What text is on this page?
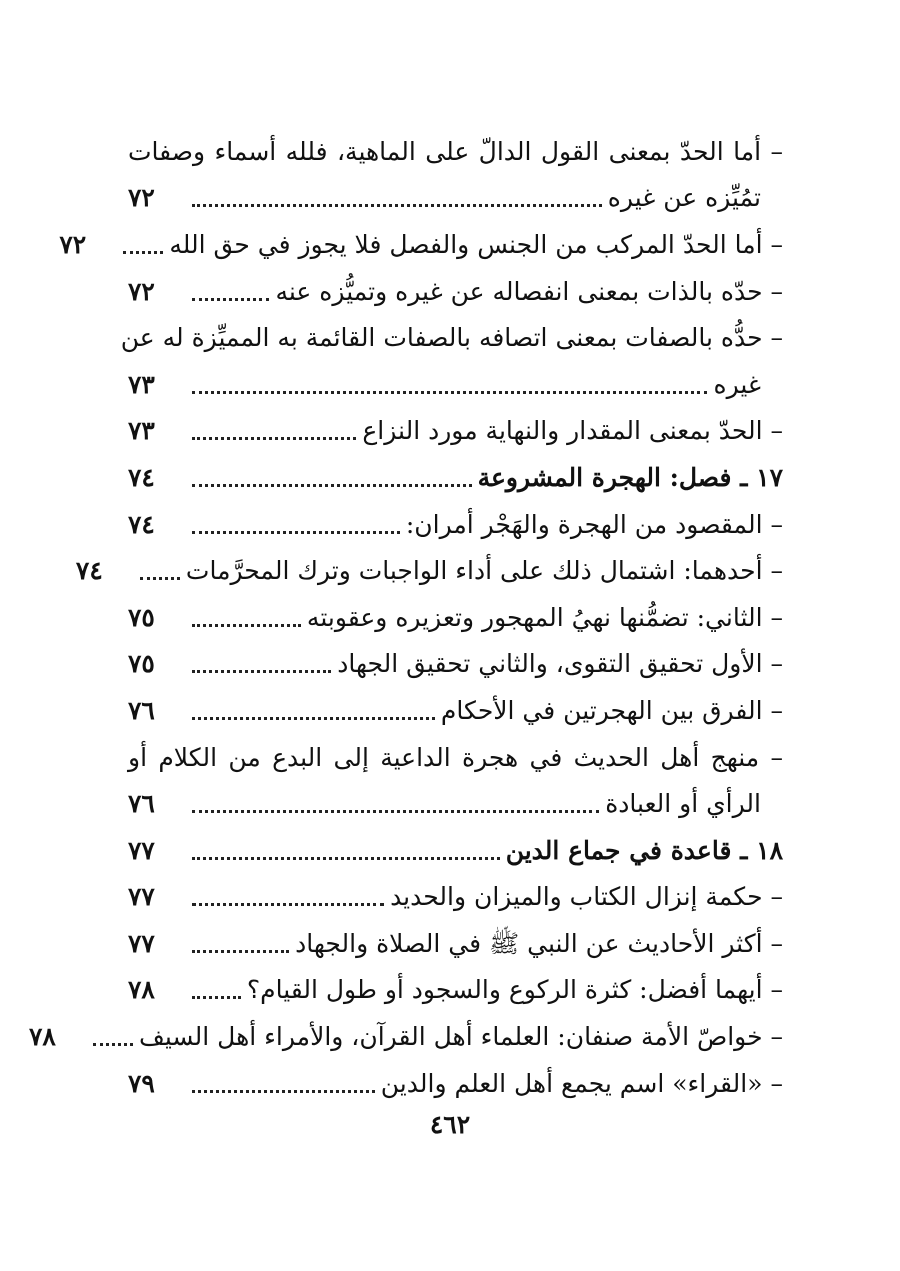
– أما الحدّ بمعنى القول الدالّ على الماهية، فلله أسماء وصفات
تمُيِّزه عن غيره
٧٢
– أما الحدّ المركب من الجنس والفصل فلا يجوز في حق الله
٧٢
– حدّه بالذات بمعنى انفصاله عن غيره وتميُّزه عنه
٧٢
– حدُّه بالصفات بمعنى اتصافه بالصفات القائمة به المميِّزة له عن
غيره
٧٣
– الحدّ بمعنى المقدار والنهاية مورد النزاع
٧٣
١٧ ـ فصل: الهجرة المشروعة
٧٤
– المقصود من الهجرة والهَجْر أمران:
٧٤
– أحدهما: اشتمال ذلك على أداء الواجبات وترك المحرَّمات
٧٤
– الثاني: تضمُّنها نهيُ المهجور وتعزيره وعقوبته
٧٥
– الأول تحقيق التقوى، والثاني تحقيق الجهاد
٧٥
– الفرق بين الهجرتين في الأحكام
٧٦
– منهج أهل الحديث في هجرة الداعية إلى البدع من الكلام أو
الرأي أو العبادة
٧٦
١٨ ـ قاعدة في جماع الدين
٧٧
– حكمة إنزال الكتاب والميزان والحديد
٧٧
– أكثر الأحاديث عن النبي ﷺ في الصلاة والجهاد
٧٧
– أيهما أفضل: كثرة الركوع والسجود أو طول القيام؟
٧٨
– خواصّ الأمة صنفان: العلماء أهل القرآن، والأمراء أهل السيف
٧٨
– «القراء» اسم يجمع أهل العلم والدين
٧٩
٤٦٢
